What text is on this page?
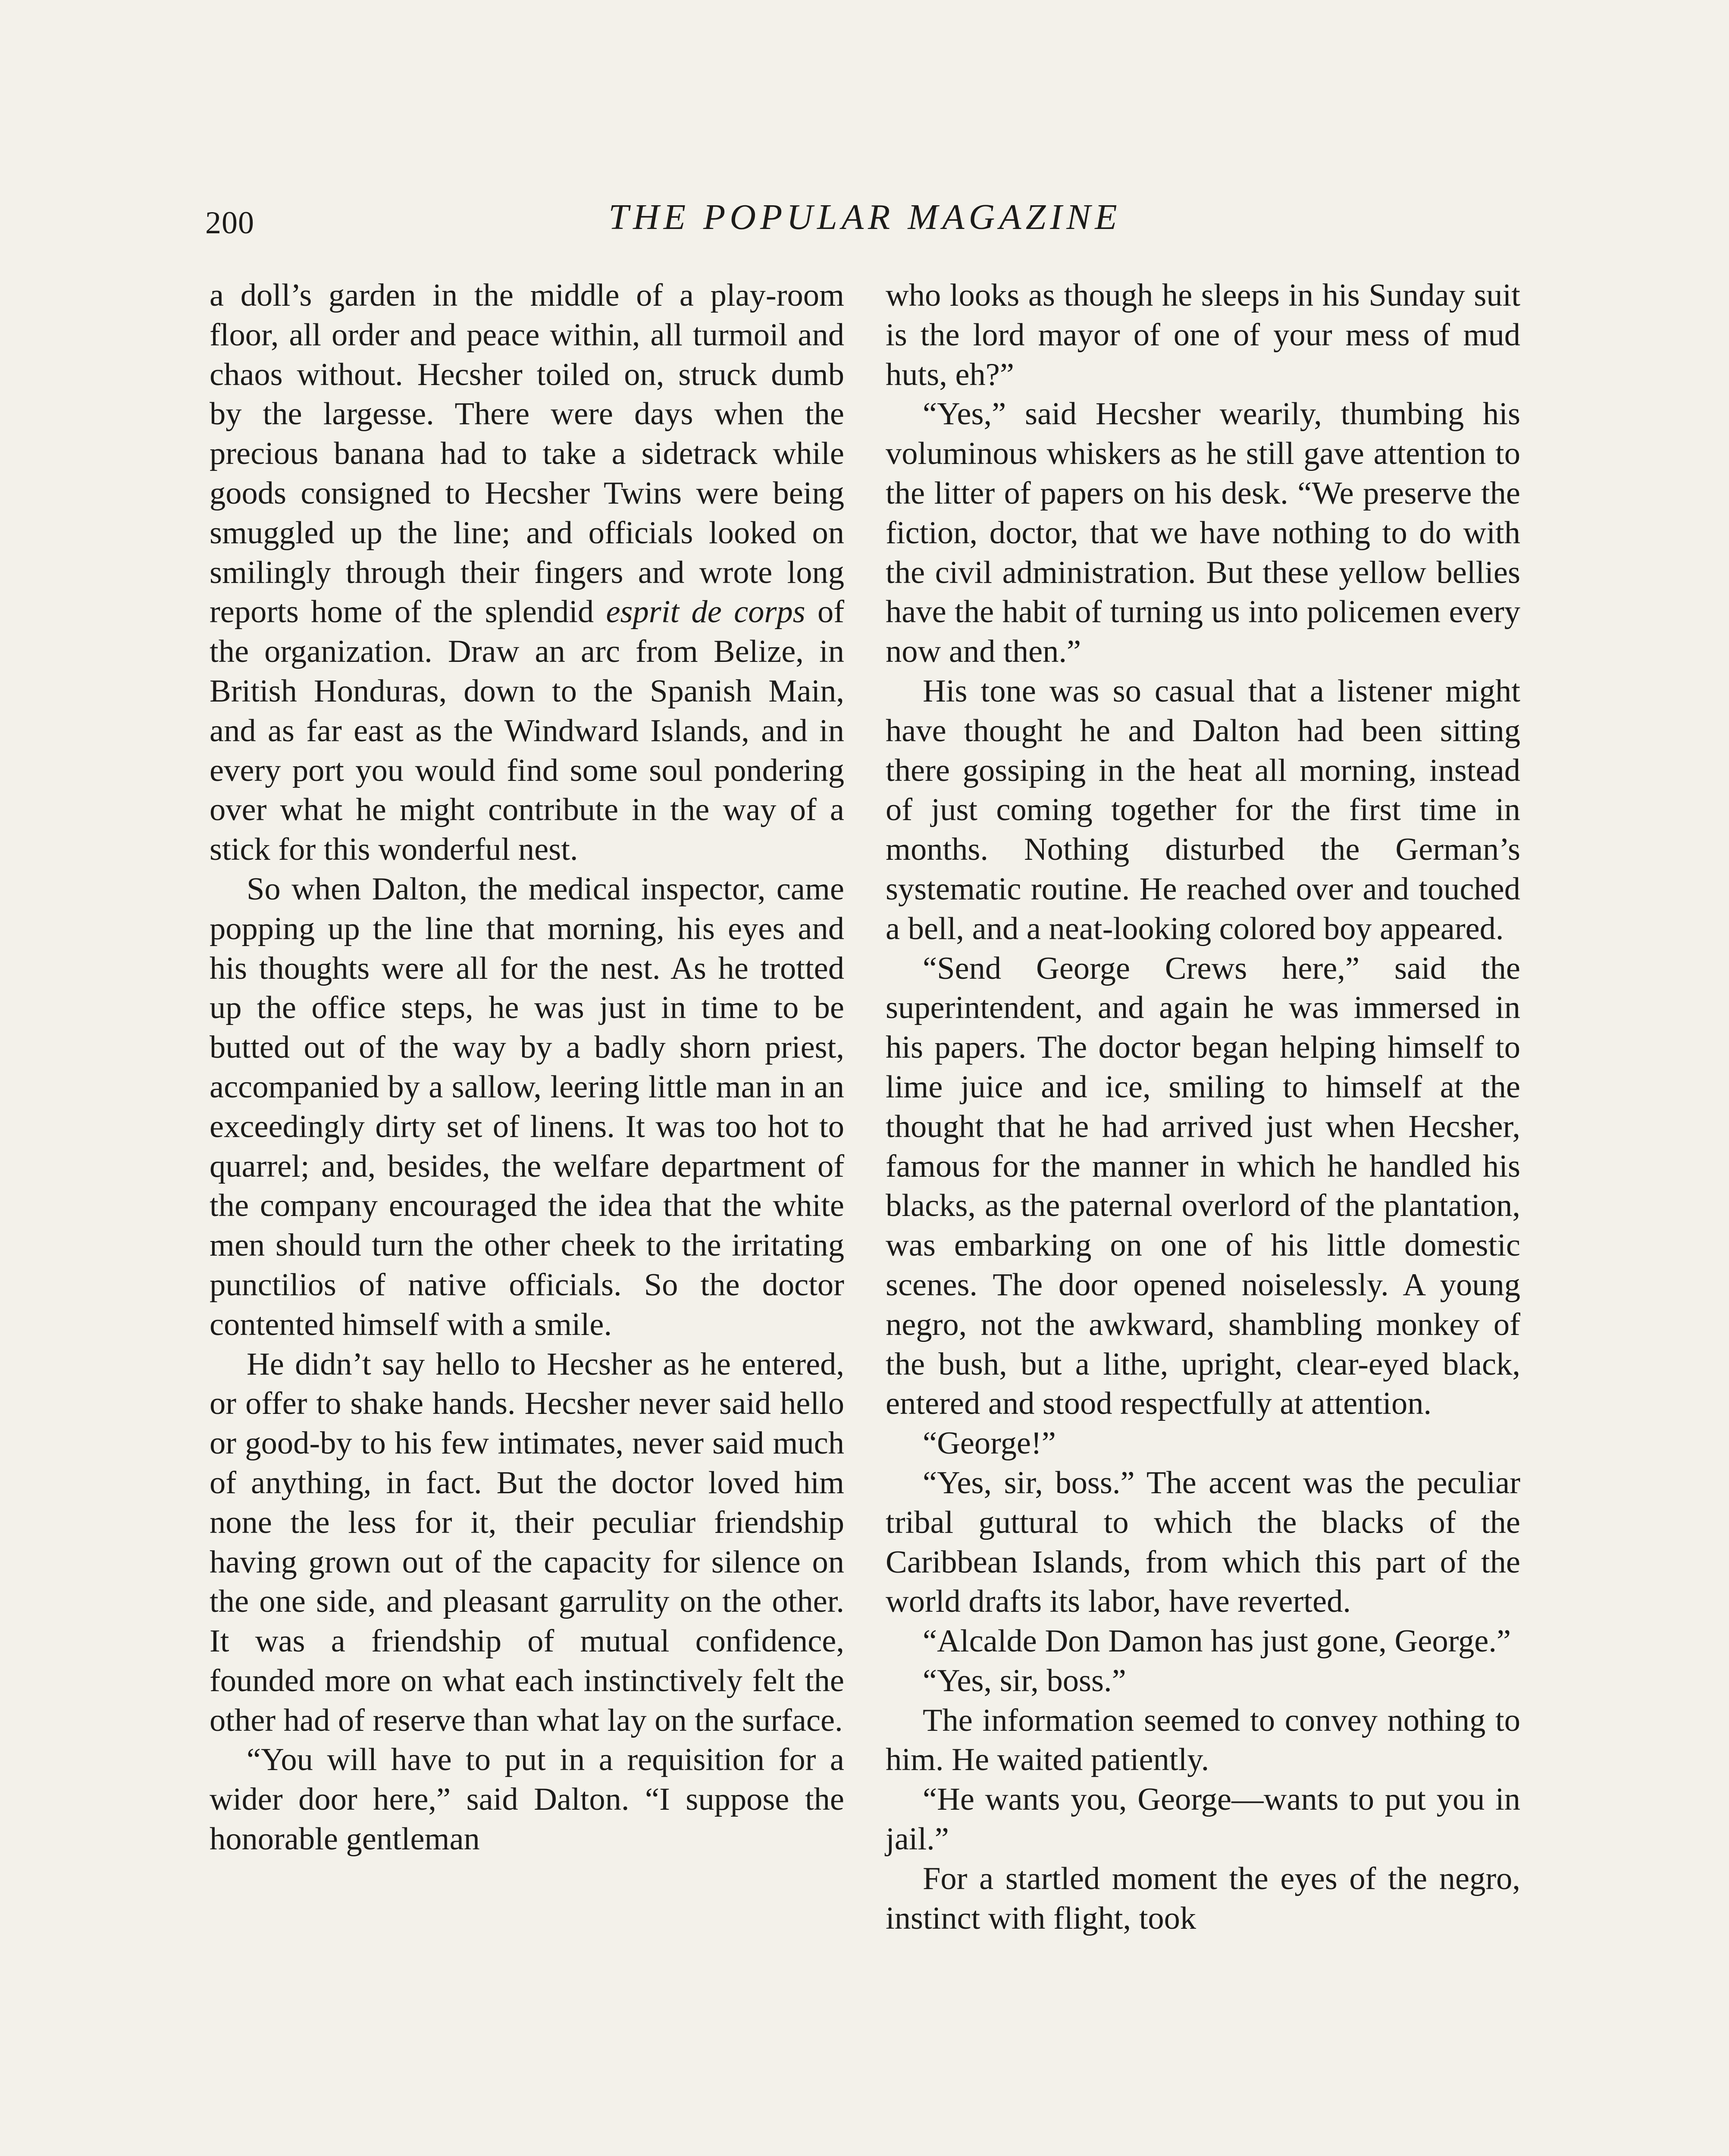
200	THE POPULAR MAGAZINE

a doll’s garden in the middle of a play-room floor, all order and peace within, all turmoil and chaos without. Hecsher toiled on, struck dumb by the largesse. There were days when the precious banana had to take a sidetrack while goods consigned to Hecsher Twins were being smuggled up the line; and officials looked on smilingly through their fingers and wrote long reports home of the splendid esprit de corps of the organization. Draw an arc from Belize, in British Honduras, down to the Spanish Main, and as far east as the Windward Islands, and in every port you would find some soul pondering over what he might contribute in the way of a stick for this wonderful nest.

So when Dalton, the medical inspector, came popping up the line that morning, his eyes and his thoughts were all for the nest. As he trotted up the office steps, he was just in time to be butted out of the way by a badly shorn priest, accompanied by a sallow, leering little man in an exceedingly dirty set of linens. It was too hot to quarrel; and, besides, the welfare department of the company encouraged the idea that the white men should turn the other cheek to the irritating punctilios of native officials. So the doctor contented himself with a smile.

He didn’t say hello to Hecsher as he entered, or offer to shake hands. Hecsher never said hello or good-by to his few intimates, never said much of anything, in fact. But the doctor loved him none the less for it, their peculiar friendship having grown out of the capacity for silence on the one side, and pleasant garrulity on the other. It was a friendship of mutual confidence, founded more on what each instinctively felt the other had of reserve than what lay on the surface.

“You will have to put in a requisition for a wider door here,” said Dalton. “I suppose the honorable gentleman

who looks as though he sleeps in his Sunday suit is the lord mayor of one of your mess of mud huts, eh?”

“Yes,” said Hecsher wearily, thumbing his voluminous whiskers as he still gave attention to the litter of papers on his desk. “We preserve the fiction, doctor, that we have nothing to do with the civil administration. But these yellow bellies have the habit of turning us into policemen every now and then.”

His tone was so casual that a listener might have thought he and Dalton had been sitting there gossiping in the heat all morning, instead of just coming together for the first time in months. Nothing disturbed the German’s systematic routine. He reached over and touched a bell, and a neat-looking colored boy appeared.

“Send George Crews here,” said the superintendent, and again he was immersed in his papers. The doctor began helping himself to lime juice and ice, smiling to himself at the thought that he had arrived just when Hecsher, famous for the manner in which he handled his blacks, as the paternal overlord of the plantation, was embarking on one of his little domestic scenes. The door opened noiselessly. A young negro, not the awkward, shambling monkey of the bush, but a lithe, upright, clear-eyed black, entered and stood respectfully at attention.

“George!”

“Yes, sir, boss.” The accent was the peculiar tribal guttural to which the blacks of the Caribbean Islands, from which this part of the world drafts its labor, have reverted.

“Alcalde Don Damon has just gone, George.”

“Yes, sir, boss.”

The information seemed to convey nothing to him. He waited patiently.

“He wants you, George—wants to put you in jail.”

For a startled moment the eyes of the negro, instinct with flight, took
